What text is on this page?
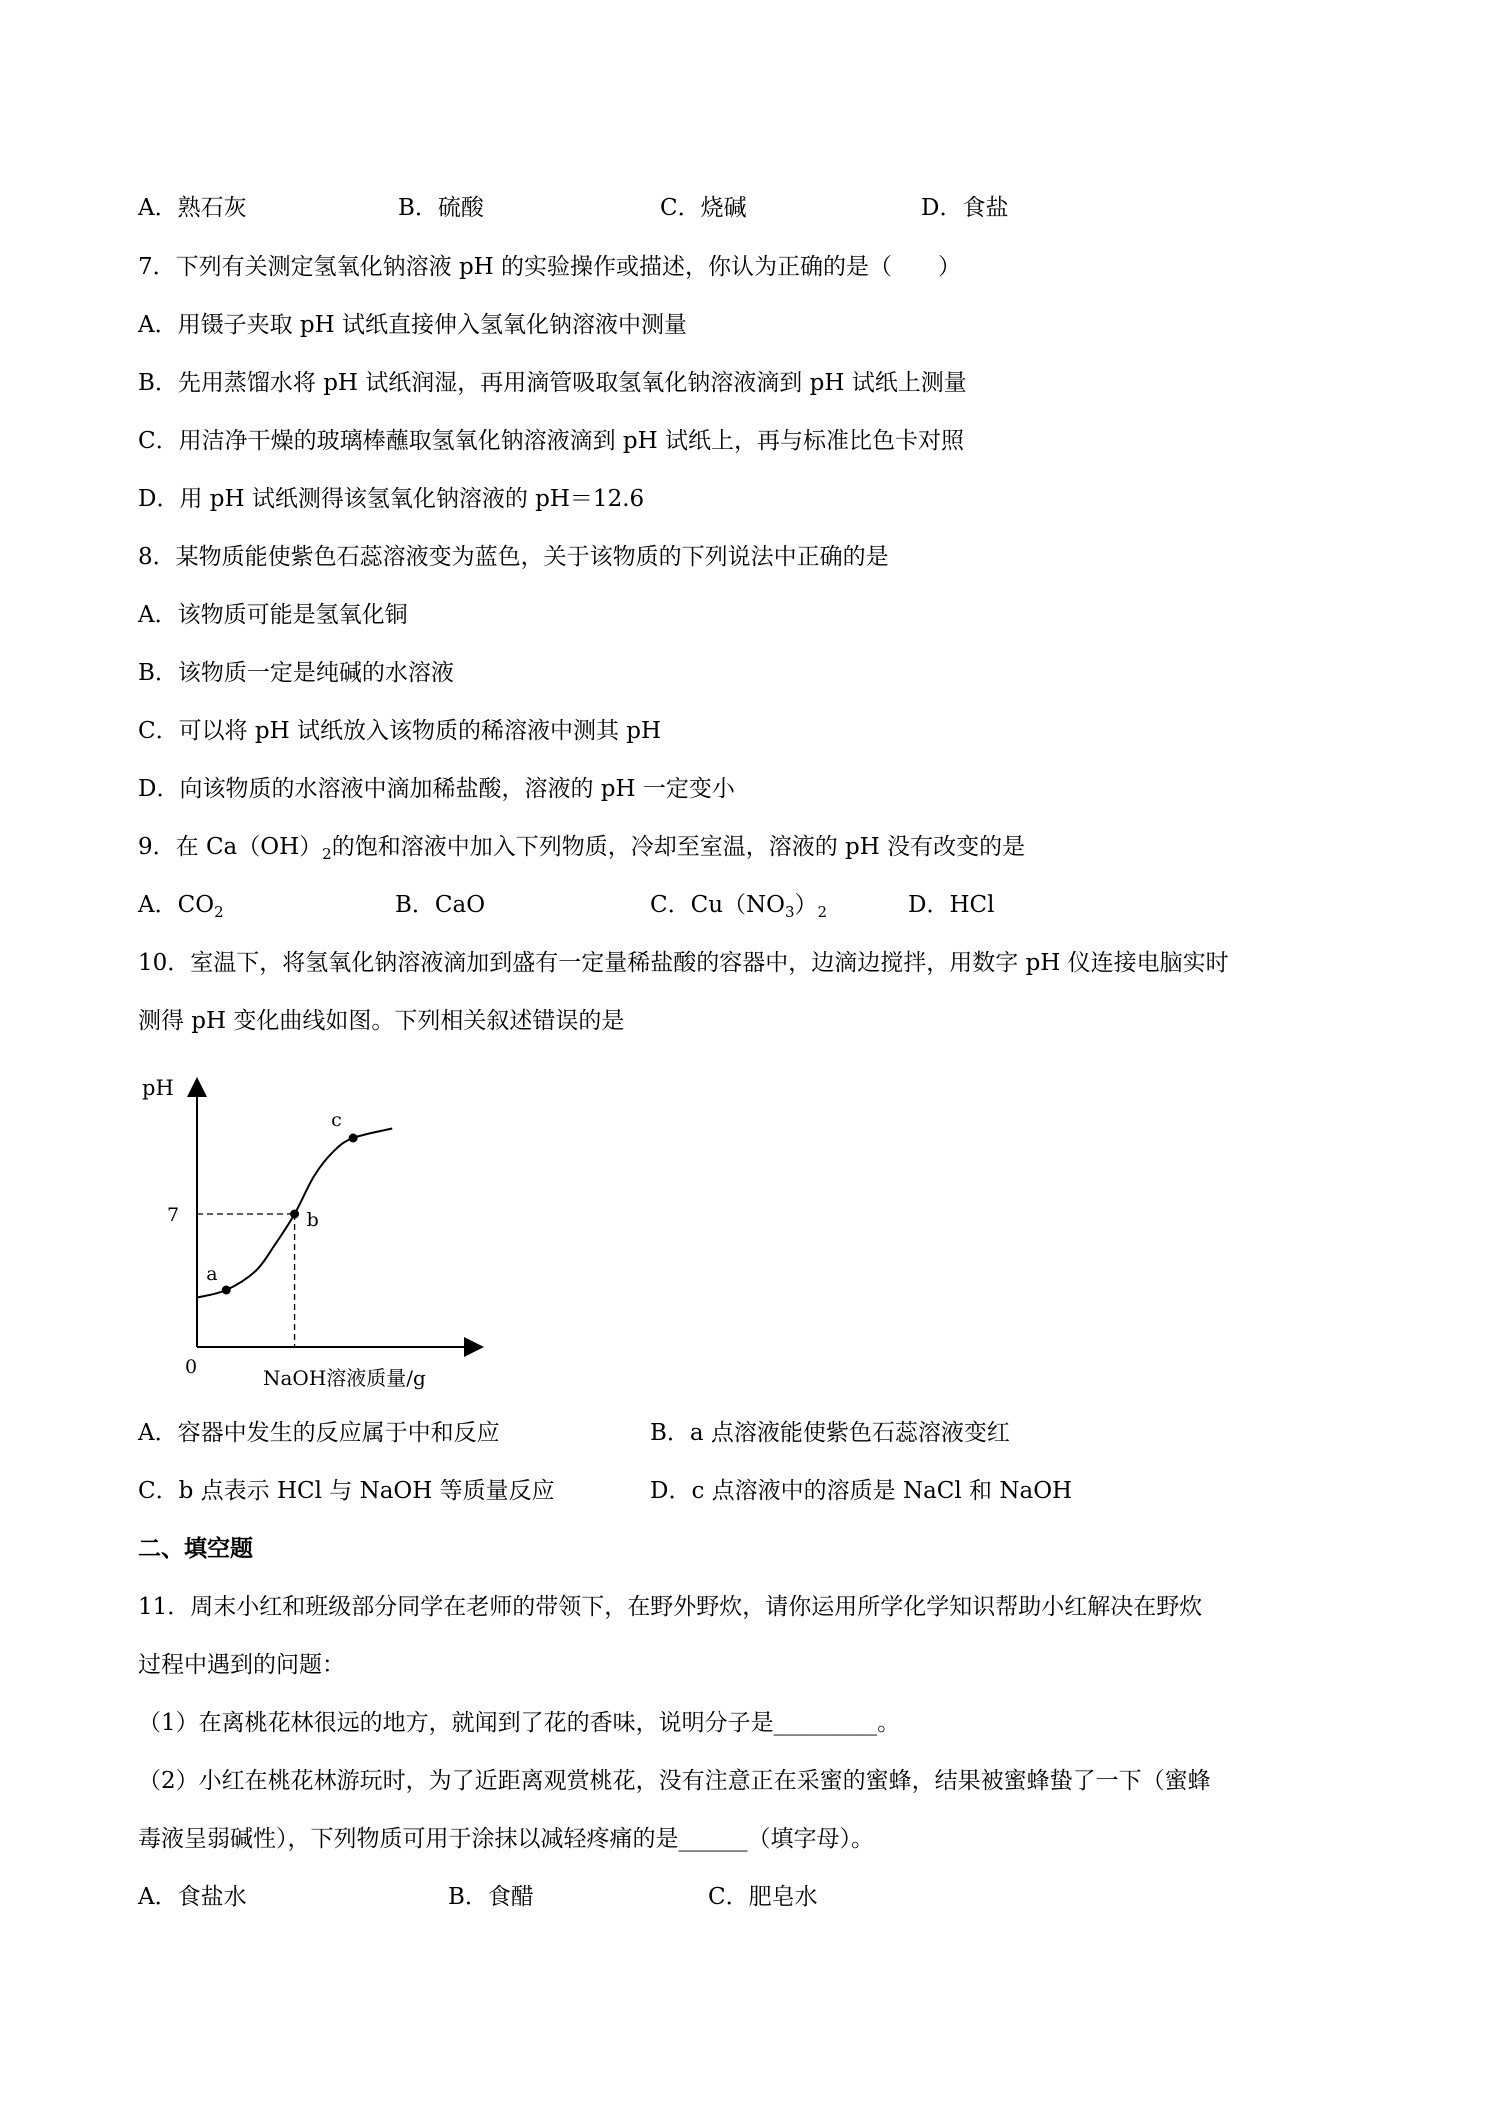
A．熟石灰	B．硫酸	C．烧碱	D．食盐
7．下列有关测定氢氧化钠溶液 pH 的实验操作或描述，你认为正确的是（　　）
A．用镊子夹取 pH 试纸直接伸入氢氧化钠溶液中测量
B．先用蒸馏水将 pH 试纸润湿，再用滴管吸取氢氧化钠溶液滴到 pH 试纸上测量
C．用洁净干燥的玻璃棒蘸取氢氧化钠溶液滴到 pH 试纸上，再与标准比色卡对照
D．用 pH 试纸测得该氢氧化钠溶液的 pH＝12.6
8．某物质能使紫色石蕊溶液变为蓝色，关于该物质的下列说法中正确的是
A．该物质可能是氢氧化铜
B．该物质一定是纯碱的水溶液
C．可以将 pH 试纸放入该物质的稀溶液中测其 pH
D．向该物质的水溶液中滴加稀盐酸，溶液的 pH 一定变小
9．在 $Ca(OH)_2$的饱和溶液中加入下列物质，冷却至室温，溶液的 pH 没有改变的是
A．$CO_2$	B．CaO	C．$Cu(NO_3)_2$	D．HCl
10．室温下，将氢氧化钠溶液滴加到盛有一定量稀盐酸的容器中，边滴边搅拌，用数字 pH 仪连接电脑实时
测得 pH 变化曲线如图。下列相关叙述错误的是
pH
0	NaOH溶液质量/g
7
a
b
c
A．容器中发生的反应属于中和反应	B．a 点溶液能使紫色石蕊溶液变红
C．b 点表示 HCl 与 NaOH 等质量反应	D．c 点溶液中的溶质是 NaCl 和 NaOH
二、填空题
11．周末小红和班级部分同学在老师的带领下，在野外野炊，请你运用所学化学知识帮助小红解决在野炊
过程中遇到的问题：
（1）在离桃花林很远的地方，就闻到了花的香味，说明分子是_________。
（2）小红在桃花林游玩时，为了近距离观赏桃花，没有注意正在采蜜的蜜蜂，结果被蜜蜂蛰了一下（蜜蜂
毒液呈弱碱性），下列物质可用于涂抹以减轻疼痛的是______（填字母）。
A．食盐水	B．食醋	C．肥皂水
